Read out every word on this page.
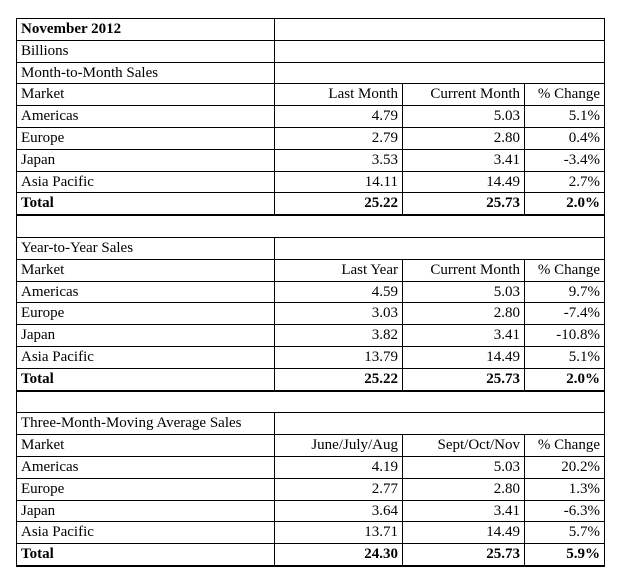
November 2012			
Billions			
Month-to-Month Sales			
Market	Last Month	Current Month	% Change
Americas	4.79	5.03	5.1%
Europe	2.79	2.80	0.4%
Japan	3.53	3.41	-3.4%
Asia Pacific	14.11	14.49	2.7%
Total	25.22	25.73	2.0%

Year-to-Year Sales			
Market	Last Year	Current Month	% Change
Americas	4.59	5.03	9.7%
Europe	3.03	2.80	-7.4%
Japan	3.82	3.41	-10.8%
Asia Pacific	13.79	14.49	5.1%
Total	25.22	25.73	2.0%

Three-Month-Moving Average Sales			
Market	June/July/Aug	Sept/Oct/Nov	% Change
Americas	4.19	5.03	20.2%
Europe	2.77	2.80	1.3%
Japan	3.64	3.41	-6.3%
Asia Pacific	13.71	14.49	5.7%
Total	24.30	25.73	5.9%
